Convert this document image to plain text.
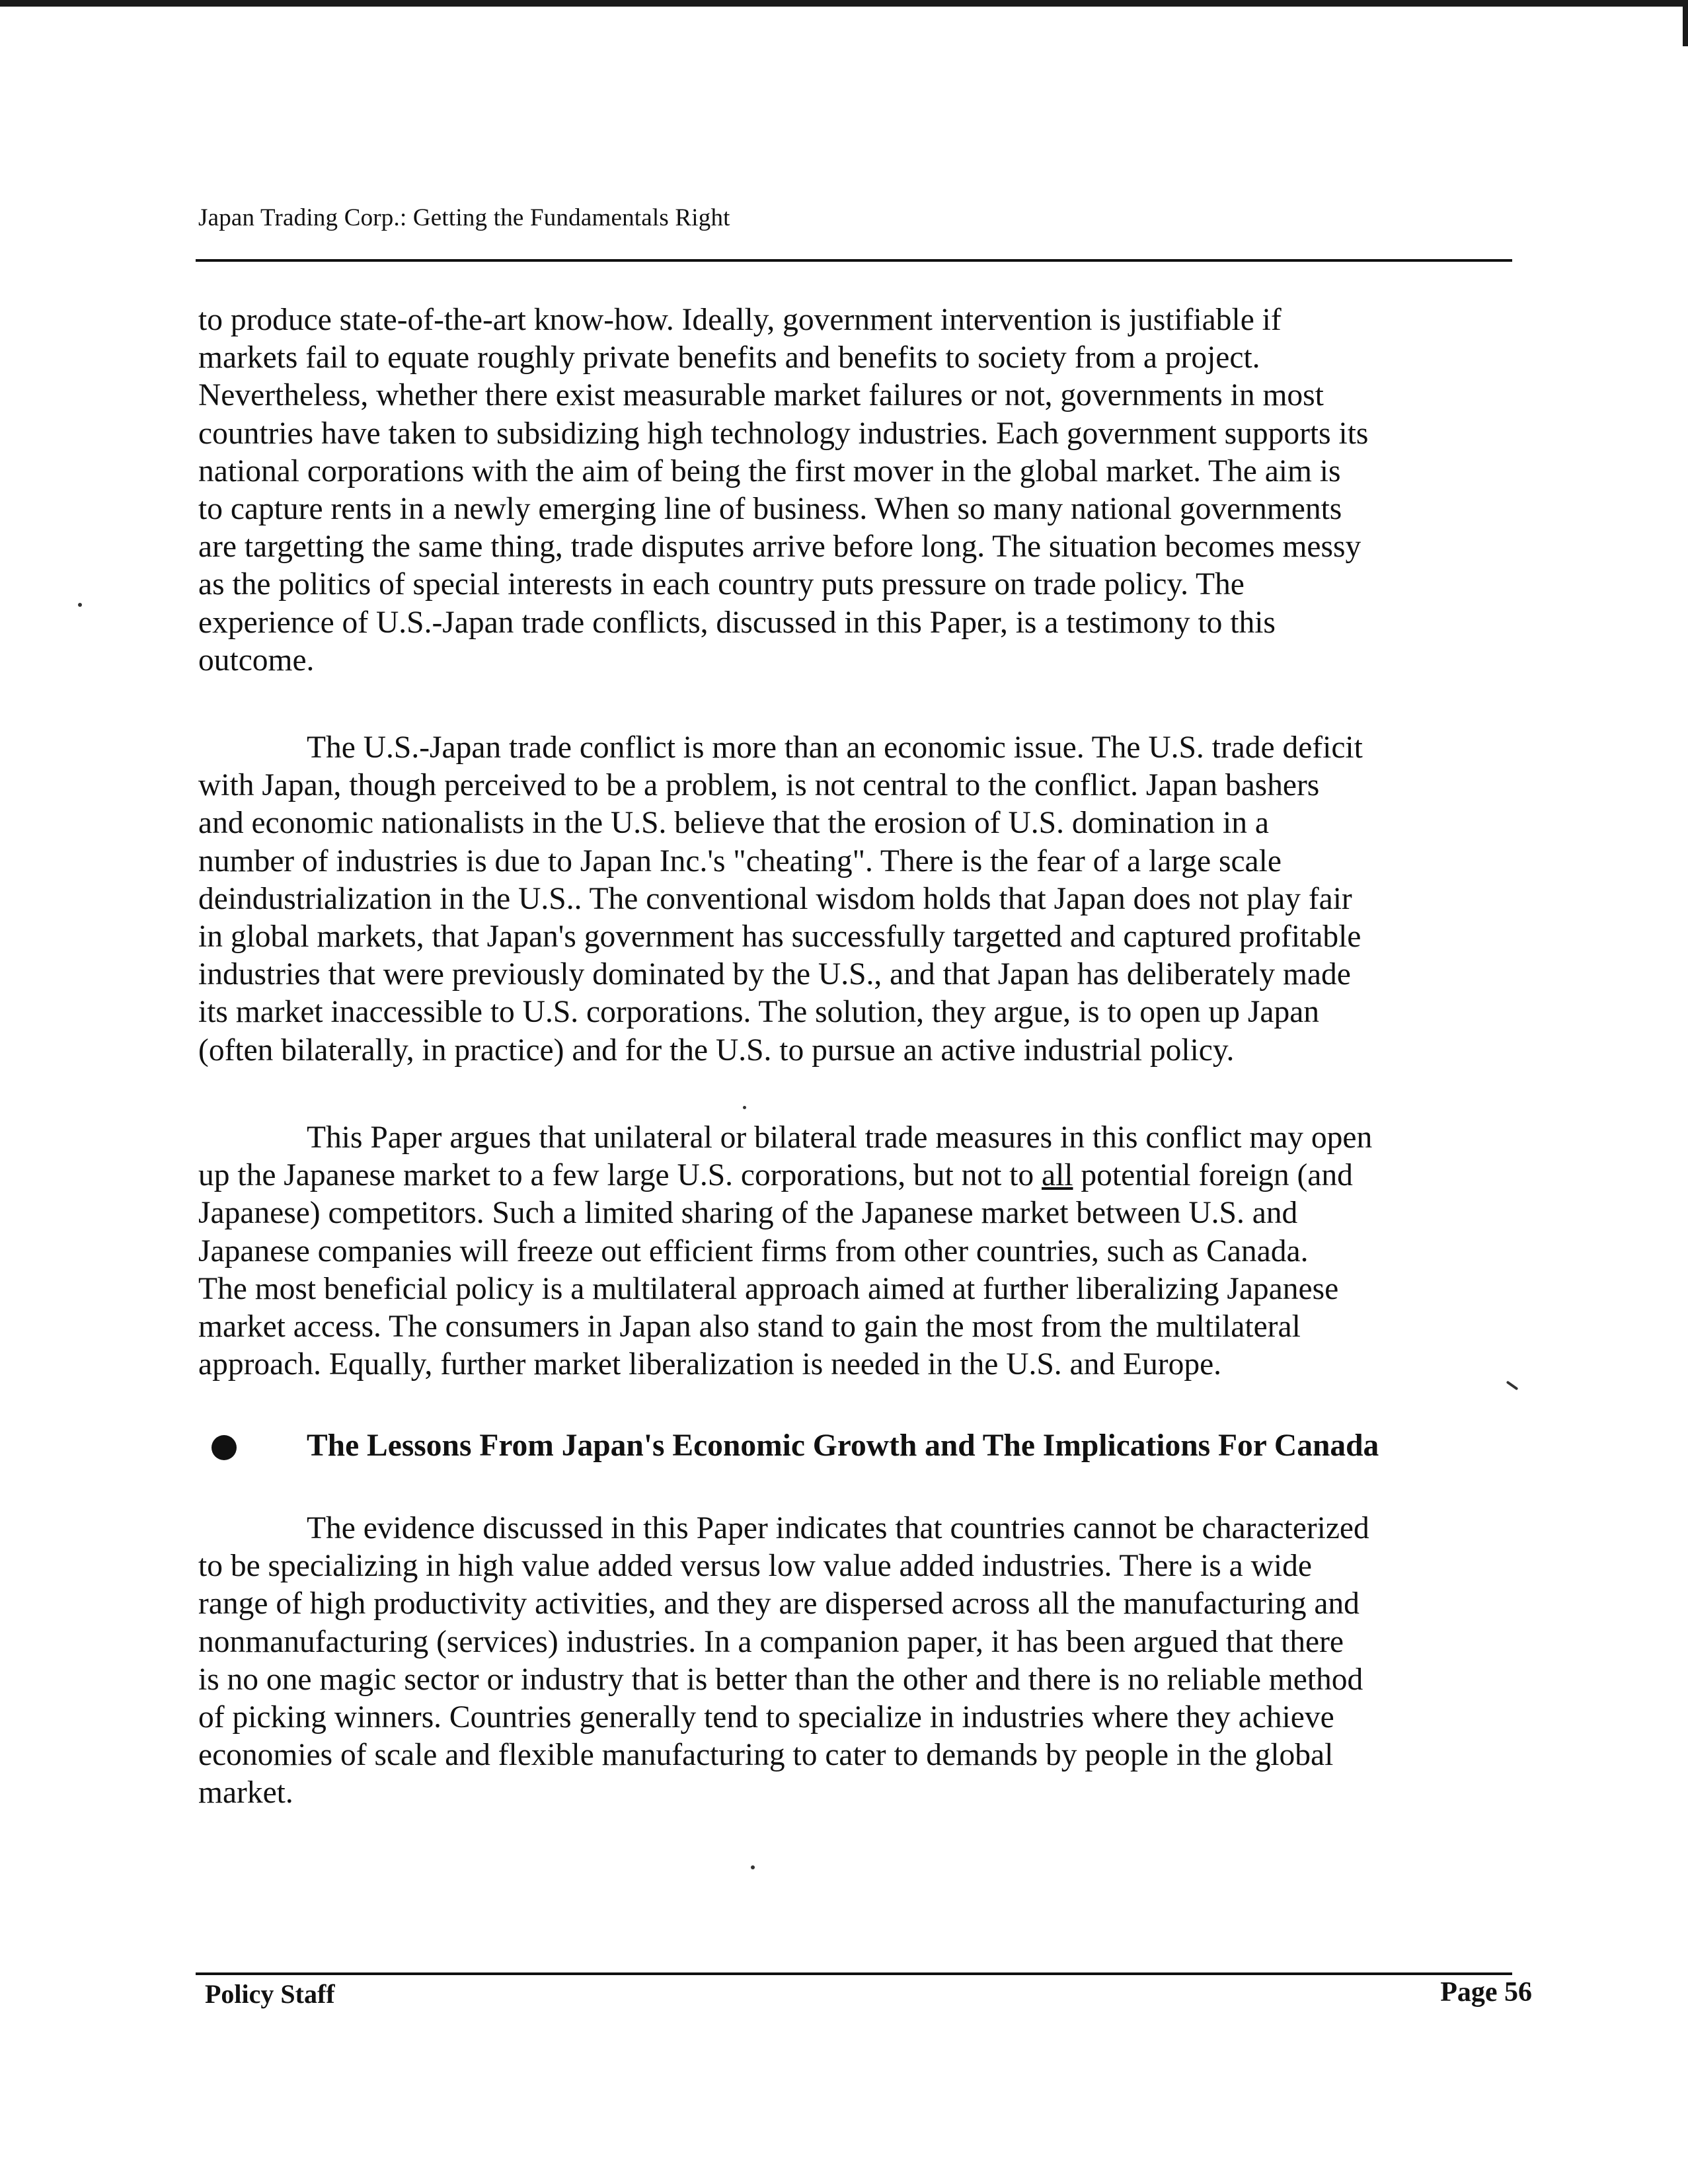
Japan Trading Corp.: Getting the Fundamentals Right
to produce state-of-the-art know-how. Ideally, government intervention is justifiable if
markets fail to equate roughly private benefits and benefits to society from a project.
Nevertheless, whether there exist measurable market failures or not, governments in most
countries have taken to subsidizing high technology industries. Each government supports its
national corporations with the aim of being the first mover in the global market. The aim is
to capture rents in a newly emerging line of business. When so many national governments
are targetting the same thing, trade disputes arrive before long. The situation becomes messy
as the politics of special interests in each country puts pressure on trade policy. The
experience of U.S.-Japan trade conflicts, discussed in this Paper, is a testimony to this
outcome.
The U.S.-Japan trade conflict is more than an economic issue. The U.S. trade deficit
with Japan, though perceived to be a problem, is not central to the conflict. Japan bashers
and economic nationalists in the U.S. believe that the erosion of U.S. domination in a
number of industries is due to Japan Inc.'s "cheating". There is the fear of a large scale
deindustrialization in the U.S.. The conventional wisdom holds that Japan does not play fair
in global markets, that Japan's government has successfully targetted and captured profitable
industries that were previously dominated by the U.S., and that Japan has deliberately made
its market inaccessible to U.S. corporations. The solution, they argue, is to open up Japan
(often bilaterally, in practice) and for the U.S. to pursue an active industrial policy.
This Paper argues that unilateral or bilateral trade measures in this conflict may open
up the Japanese market to a few large U.S. corporations, but not to all potential foreign (and
Japanese) competitors. Such a limited sharing of the Japanese market between U.S. and
Japanese companies will freeze out efficient firms from other countries, such as Canada.
The most beneficial policy is a multilateral approach aimed at further liberalizing Japanese
market access. The consumers in Japan also stand to gain the most from the multilateral
approach. Equally, further market liberalization is needed in the U.S. and Europe.
The Lessons From Japan's Economic Growth and The Implications For Canada
The evidence discussed in this Paper indicates that countries cannot be characterized
to be specializing in high value added versus low value added industries. There is a wide
range of high productivity activities, and they are dispersed across all the manufacturing and
nonmanufacturing (services) industries. In a companion paper, it has been argued that there
is no one magic sector or industry that is better than the other and there is no reliable method
of picking winners. Countries generally tend to specialize in industries where they achieve
economies of scale and flexible manufacturing to cater to demands by people in the global
market.
Policy Staff	Page 56
